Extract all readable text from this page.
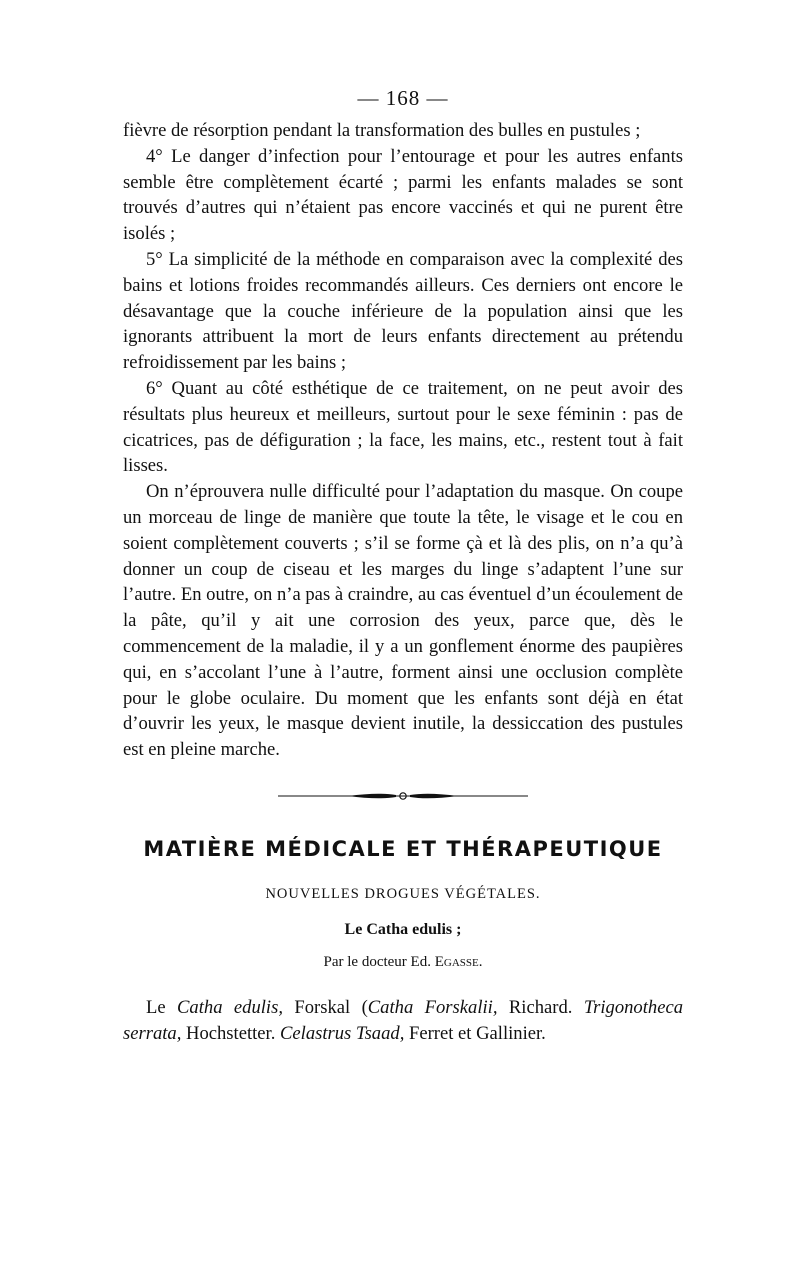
— 168 —

fièvre de résorption pendant la transformation des bulles en pustules ;

4° Le danger d’infection pour l’entourage et pour les autres enfants semble être complètement écarté ; parmi les enfants malades se sont trouvés d’autres qui n’étaient pas encore vaccinés et qui ne purent être isolés ;

5° La simplicité de la méthode en comparaison avec la complexité des bains et lotions froides recommandés ailleurs. Ces derniers ont encore le désavantage que la couche inférieure de la population ainsi que les ignorants attribuent la mort de leurs enfants directement au prétendu refroidissement par les bains ;

6° Quant au côté esthétique de ce traitement, on ne peut avoir des résultats plus heureux et meilleurs, surtout pour le sexe féminin : pas de cicatrices, pas de défiguration ; la face, les mains, etc., restent tout à fait lisses.

On n’éprouvera nulle difficulté pour l’adaptation du masque. On coupe un morceau de linge de manière que toute la tête, le visage et le cou en soient complètement couverts ; s’il se forme çà et là des plis, on n’a qu’à donner un coup de ciseau et les marges du linge s’adaptent l’une sur l’autre. En outre, on n’a pas à craindre, au cas éventuel d’un écoulement de la pâte, qu’il y ait une corrosion des yeux, parce que, dès le commencement de la maladie, il y a un gonflement énorme des paupières qui, en s’accolant l’une à l’autre, forment ainsi une occlusion complète pour le globe oculaire. Du moment que les enfants sont déjà en état d’ouvrir les yeux, le masque devient inutile, la dessiccation des pustules est en pleine marche.

MATIÈRE MÉDICALE ET THÉRAPEUTIQUE
NOUVELLES DROGUES VÉGÉTALES.
Le Catha edulis ;
Par le docteur Ed. Egasse.

Le Catha edulis, Forskal (Catha Forskalii, Richard. Trigonotheca serrata, Hochstetter. Celastrus Tsaad, Ferret et Gallinier.
